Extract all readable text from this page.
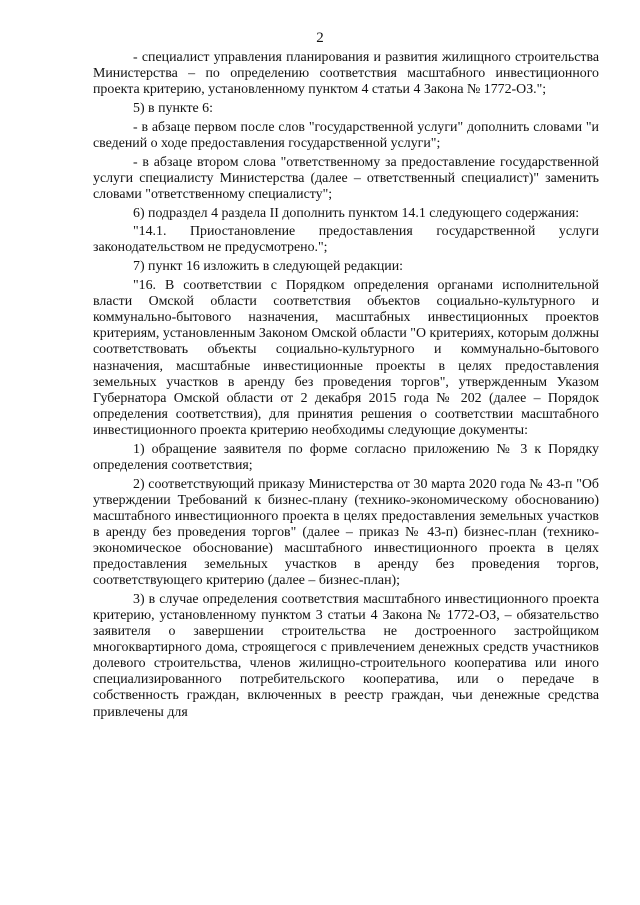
2

- специалист управления планирования и развития жилищного строительства Министерства – по определению соответствия масштабного инвестиционного проекта критерию, установленному пунктом 4 статьи 4 Закона № 1772-ОЗ.";

5) в пункте 6:

- в абзаце первом после слов "государственной услуги" дополнить словами "и сведений о ходе предоставления государственной услуги";

- в абзаце втором слова "ответственному за предоставление государственной услуги специалисту Министерства (далее – ответственный специалист)" заменить словами "ответственному специалисту";

6) подраздел 4 раздела II дополнить пунктом 14.1 следующего содержания:

"14.1. Приостановление предоставления государственной услуги законодательством не предусмотрено.";

7) пункт 16 изложить в следующей редакции:

"16. В соответствии с Порядком определения органами исполнительной власти Омской области соответствия объектов социально-культурного и коммунально-бытового назначения, масштабных инвестиционных проектов критериям, установленным Законом Омской области "О критериях, которым должны соответствовать объекты социально-культурного и коммунально-бытового назначения, масштабные инвестиционные проекты в целях предоставления земельных участков в аренду без проведения торгов", утвержденным Указом Губернатора Омской области от 2 декабря 2015 года № 202 (далее – Порядок определения соответствия), для принятия решения о соответствии масштабного инвестиционного проекта критерию необходимы следующие документы:

1) обращение заявителя по форме согласно приложению № 3 к Порядку определения соответствия;

2) соответствующий приказу Министерства от 30 марта 2020 года № 43-п "Об утверждении Требований к бизнес-плану (технико-экономическому обоснованию) масштабного инвестиционного проекта в целях предоставления земельных участков в аренду без проведения торгов" (далее – приказ № 43-п) бизнес-план (технико-экономическое обоснование) масштабного инвестиционного проекта в целях предоставления земельных участков в аренду без проведения торгов, соответствующего критерию (далее – бизнес-план);

3) в случае определения соответствия масштабного инвестиционного проекта критерию, установленному пунктом 3 статьи 4 Закона № 1772-ОЗ, – обязательство заявителя о завершении строительства не достроенного застройщиком многоквартирного дома, строящегося с привлечением денежных средств участников долевого строительства, членов жилищно-строительного кооператива или иного специализированного потребительского кооператива, или о передаче в собственность граждан, включенных в реестр граждан, чьи денежные средства привлечены для
